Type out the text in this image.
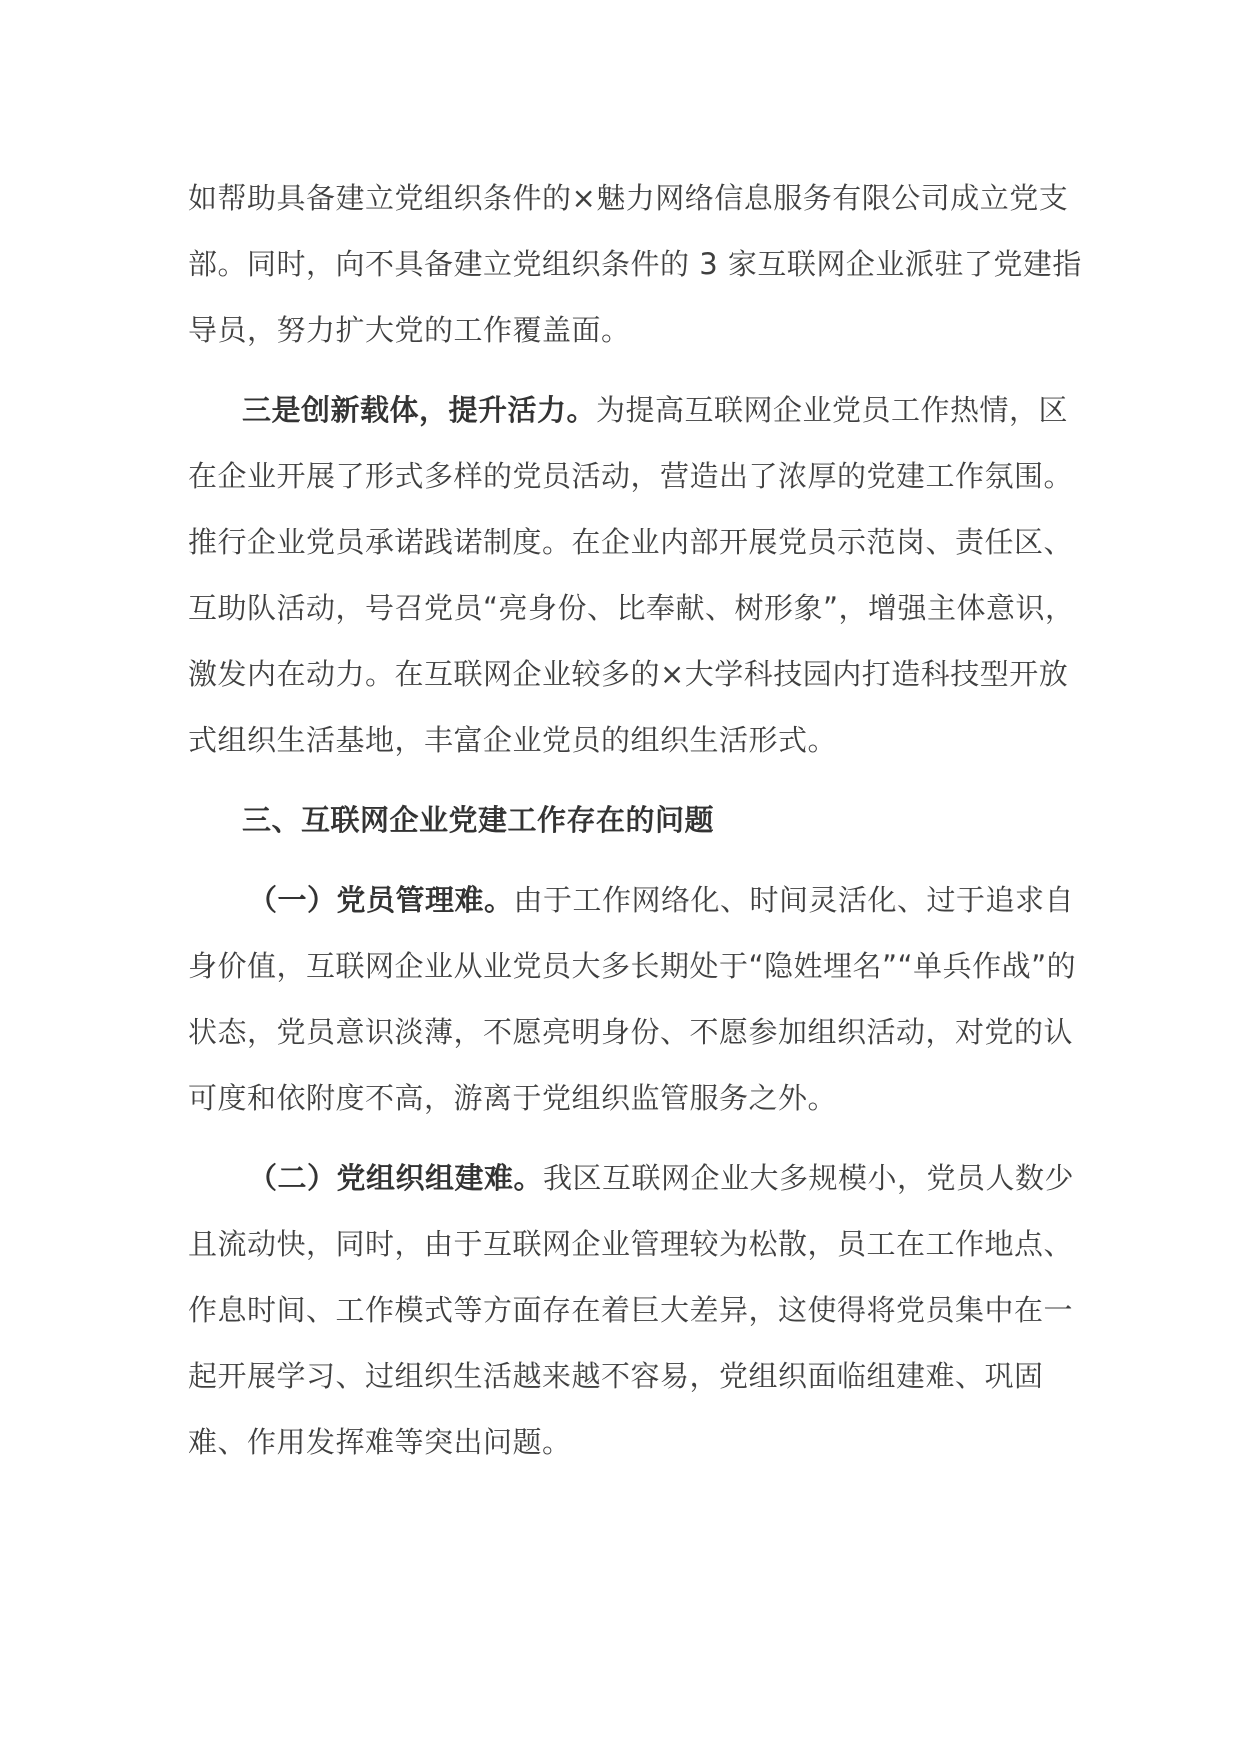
如帮助具备建立党组织条件的×魅力网络信息服务有限公司成立党支部。同时，向不具备建立党组织条件的 3 家互联网企业派驻了党建指导员，努力扩大党的工作覆盖面。

三是创新载体，提升活力。为提高互联网企业党员工作热情，区在企业开展了形式多样的党员活动，营造出了浓厚的党建工作氛围。推行企业党员承诺践诺制度。在企业内部开展党员示范岗、责任区、互助队活动，号召党员“亮身份、比奉献、树形象”，增强主体意识，激发内在动力。在互联网企业较多的×大学科技园内打造科技型开放式组织生活基地，丰富企业党员的组织生活形式。

三、互联网企业党建工作存在的问题

（一）党员管理难。由于工作网络化、时间灵活化、过于追求自身价值，互联网企业从业党员大多长期处于“隐姓埋名”“单兵作战”的状态，党员意识淡薄，不愿亮明身份、不愿参加组织活动，对党的认可度和依附度不高，游离于党组织监管服务之外。

（二）党组织组建难。我区互联网企业大多规模小，党员人数少且流动快，同时，由于互联网企业管理较为松散，员工在工作地点、作息时间、工作模式等方面存在着巨大差异，这使得将党员集中在一起开展学习、过组织生活越来越不容易，党组织面临组建难、巩固难、作用发挥难等突出问题。
